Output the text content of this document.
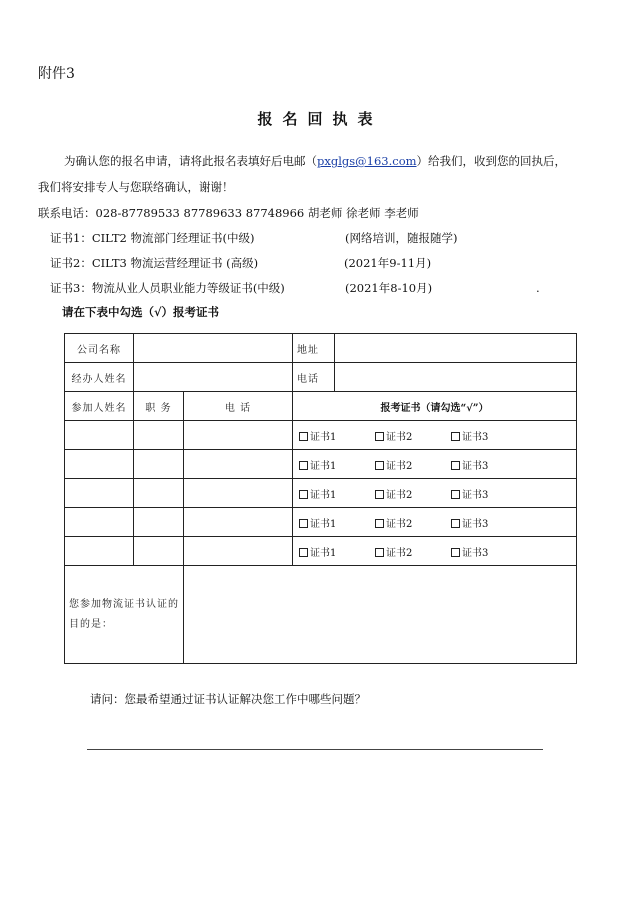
附件3
报名回执表
为确认您的报名申请，请将此报名表填好后电邮（pxglgs@163.com）给我们，收到您的回执后，
我们将安排专人与您联络确认，谢谢！
联系电话：028-87789533 87789633 87748966 胡老师 徐老师 李老师
证书1：CILT2 物流部门经理证书(中级)	(网络培训，随报随学)
证书2：CILT3 物流运营经理证书 (高级)	(2021年9-11月)
证书3：物流从业人员职业能力等级证书(中级)	(2021年8-10月)	.
请在下表中勾选（√）报考证书
公司名称			地址	
经办人姓名			电话	
参加人姓名	职 务	电 话	报考证书（请勾选“√”）	
			证书1 证书2 证书3	
			证书1 证书2 证书3	
			证书1 证书2 证书3	
			证书1 证书2 证书3	
			证书1 证书2 证书3	
您参加物流证书认证的目的是：				
请问：您最希望通过证书认证解决您工作中哪些问题？
